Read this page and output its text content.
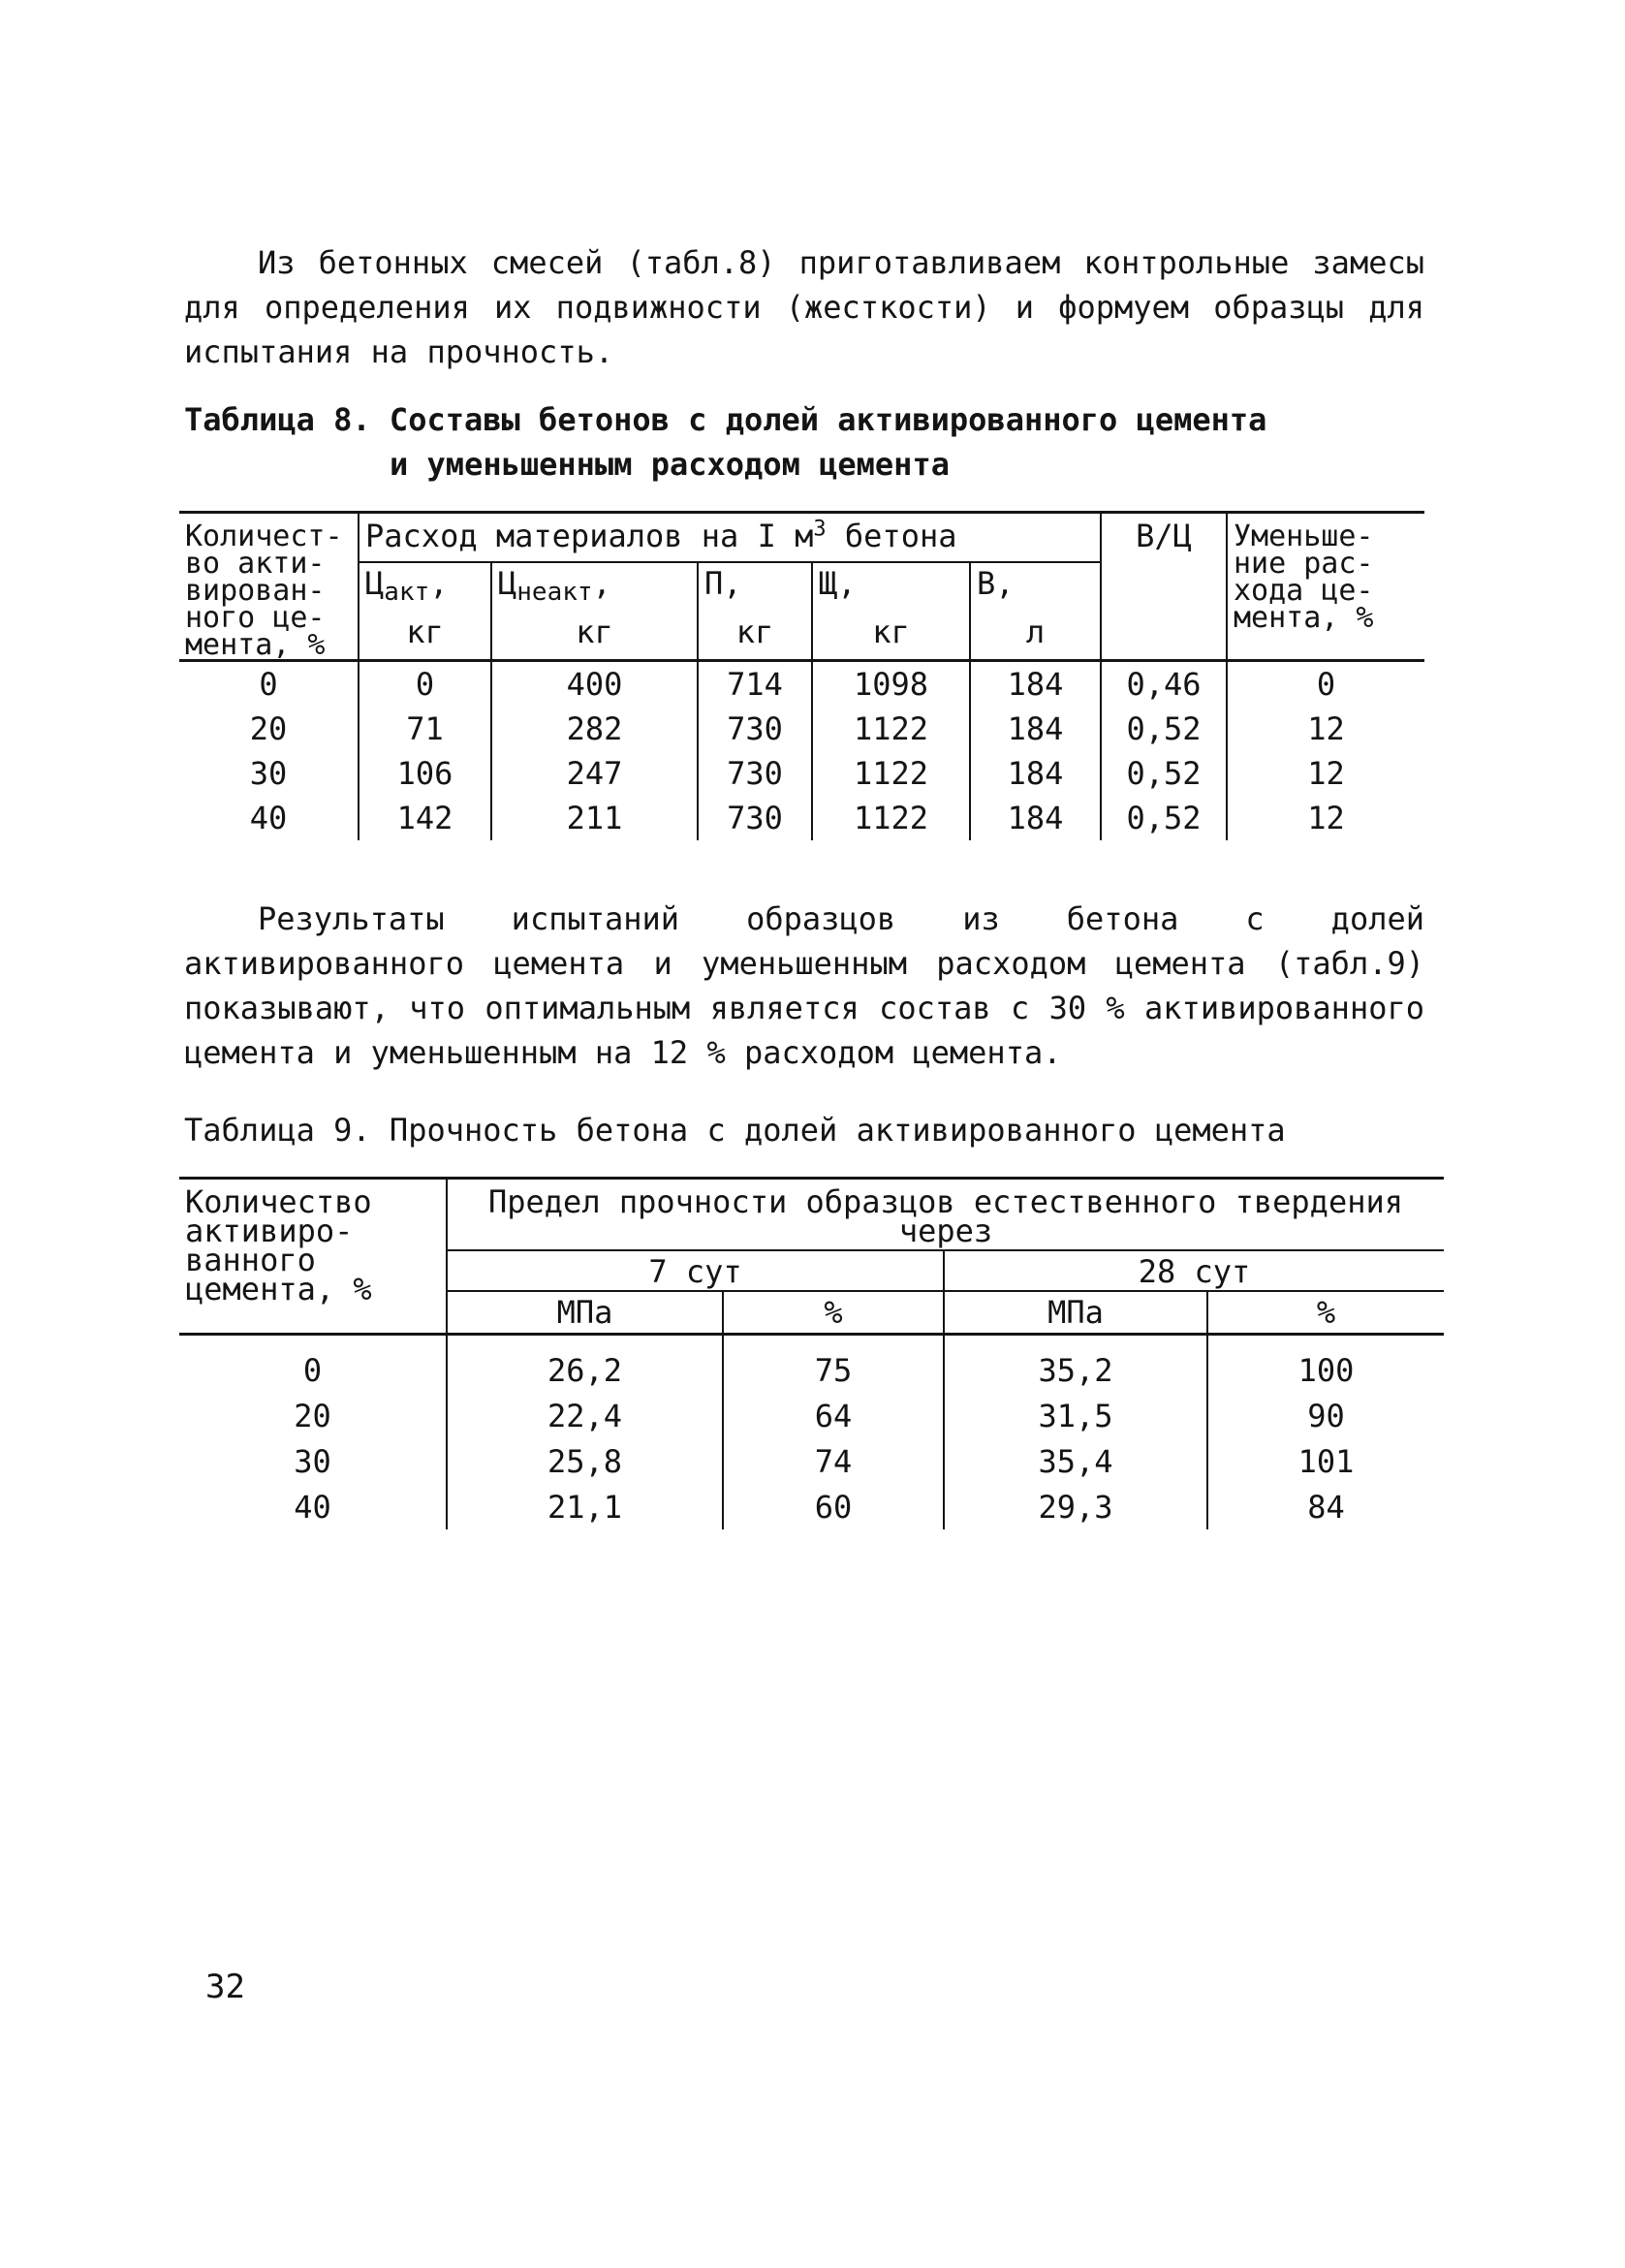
Из бетонных смесей (табл.8) приготавливаем контрольные замесы для определения их подвижности (жесткости) и формуем образцы для испытания на прочность.

Таблица 8. Составы бетонов с долей активированного цемента
и уменьшенным расходом цемента
Количест-во акти-вирован-ного це-мента, %	Расход материалов на I $м^3$ бетона					В/Ц	Уменьше-ние рас-хода це-мента, %
	$Ц_{акт}$,	$Ц_{неакт}$,	П,	Щ,	В,		
	кг	кг	кг	кг	л		
0	0	400	714	1098	184	0,46	0
20	71	282	730	1122	184	0,52	12
30	106	247	730	1122	184	0,52	12
40	142	211	730	1122	184	0,52	12

Результаты испытаний образцов из бетона с долей активированного цемента и уменьшенным расходом цемента (табл.9) показывают, что оптимальным является состав с 30 % активированного цемента и уменьшенным на 12 % расходом цемента.

Таблица 9. Прочность бетона с долей активированного цемента
Количество активиро-ванного цемента, %	Предел прочности образцов естественного твердения через			
	7 сут		28 сут	
	МПа	%	МПа	%
0	26,2	75	35,2	100
20	22,4	64	31,5	90
30	25,8	74	35,4	101
40	21,1	60	29,3	84
32
